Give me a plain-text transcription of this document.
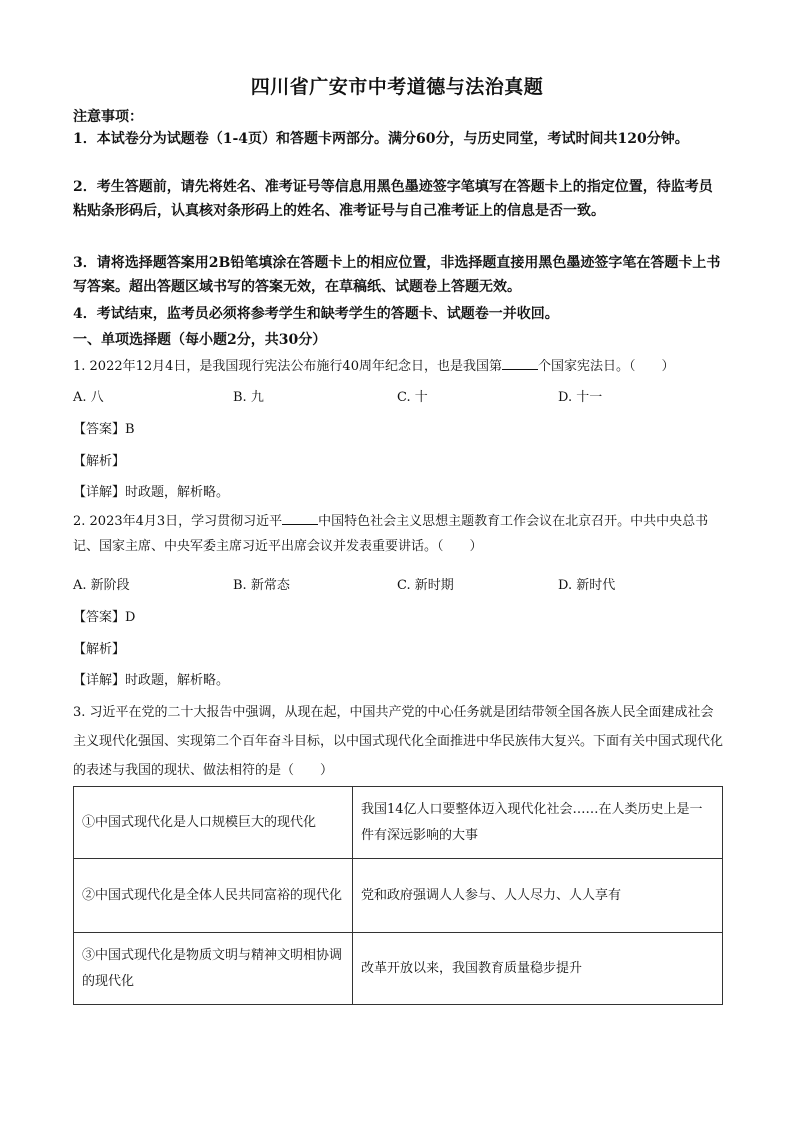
四川省广安市中考道德与法治真题
注意事项：
1．本试卷分为试题卷（1-4页）和答题卡两部分。满分60分，与历史同堂，考试时间共120分钟。
2．考生答题前，请先将姓名、准考证号等信息用黑色墨迹签字笔填写在答题卡上的指定位置，待监考员粘贴条形码后，认真核对条形码上的姓名、准考证号与自己准考证上的信息是否一致。
3．请将选择题答案用2B铅笔填涂在答题卡上的相应位置，非选择题直接用黑色墨迹签字笔在答题卡上书写答案。超出答题区域书写的答案无效，在草稿纸、试题卷上答题无效。
4．考试结束，监考员必须将参考学生和缺考学生的答题卡、试题卷一并收回。
一、单项选择题（每小题2分，共30分）
1. 2022年12月4日，是我国现行宪法公布施行40周年纪念日，也是我国第	个国家宪法日。（　　）
A. 八	B. 九	C. 十	D. 十一
【答案】B
【解析】
【详解】时政题，解析略。
2. 2023年4月3日，学习贯彻习近平	中国特色社会主义思想主题教育工作会议在北京召开。中共中央总书记、国家主席、中央军委主席习近平出席会议并发表重要讲话。（　　）
A. 新阶段	B. 新常态	C. 新时期	D. 新时代
【答案】D
【解析】
【详解】时政题，解析略。
3. 习近平在党的二十大报告中强调，从现在起，中国共产党的中心任务就是团结带领全国各族人民全面建成社会主义现代化强国、实现第二个百年奋斗目标，以中国式现代化全面推进中华民族伟大复兴。下面有关中国式现代化的表述与我国的现状、做法相符的是（　　）
①中国式现代化是人口规模巨大的现代化	我国14亿人口要整体迈入现代化社会……在人类历史上是一件有深远影响的大事
②中国式现代化是全体人民共同富裕的现代化	党和政府强调人人参与、人人尽力、人人享有
③中国式现代化是物质文明与精神文明相协调的现代化	改革开放以来，我国教育质量稳步提升
